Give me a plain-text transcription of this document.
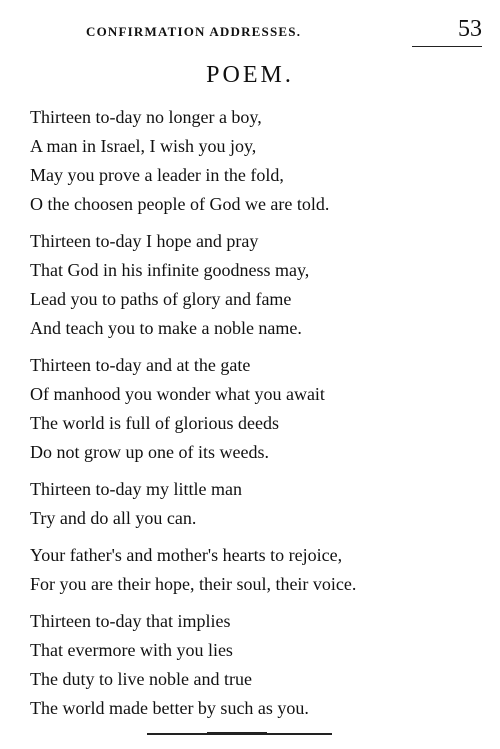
CONFIRMATION ADDRESSES.	53
POEM.
Thirteen to-day no longer a boy,
A man in Israel, I wish you joy,
May you prove a leader in the fold,
O the choosen people of God we are told.
Thirteen to-day I hope and pray
That God in his infinite goodness may,
Lead you to paths of glory and fame
And teach you to make a noble name.
Thirteen to-day and at the gate
Of manhood you wonder what you await
The world is full of glorious deeds
Do not grow up one of its weeds.
Thirteen to-day my little man
Try and do all you can.
Your father's and mother's hearts to rejoice,
For you are their hope, their soul, their voice.
Thirteen to-day that implies
That evermore with you lies
The duty to live noble and true
The world made better by such as you.
